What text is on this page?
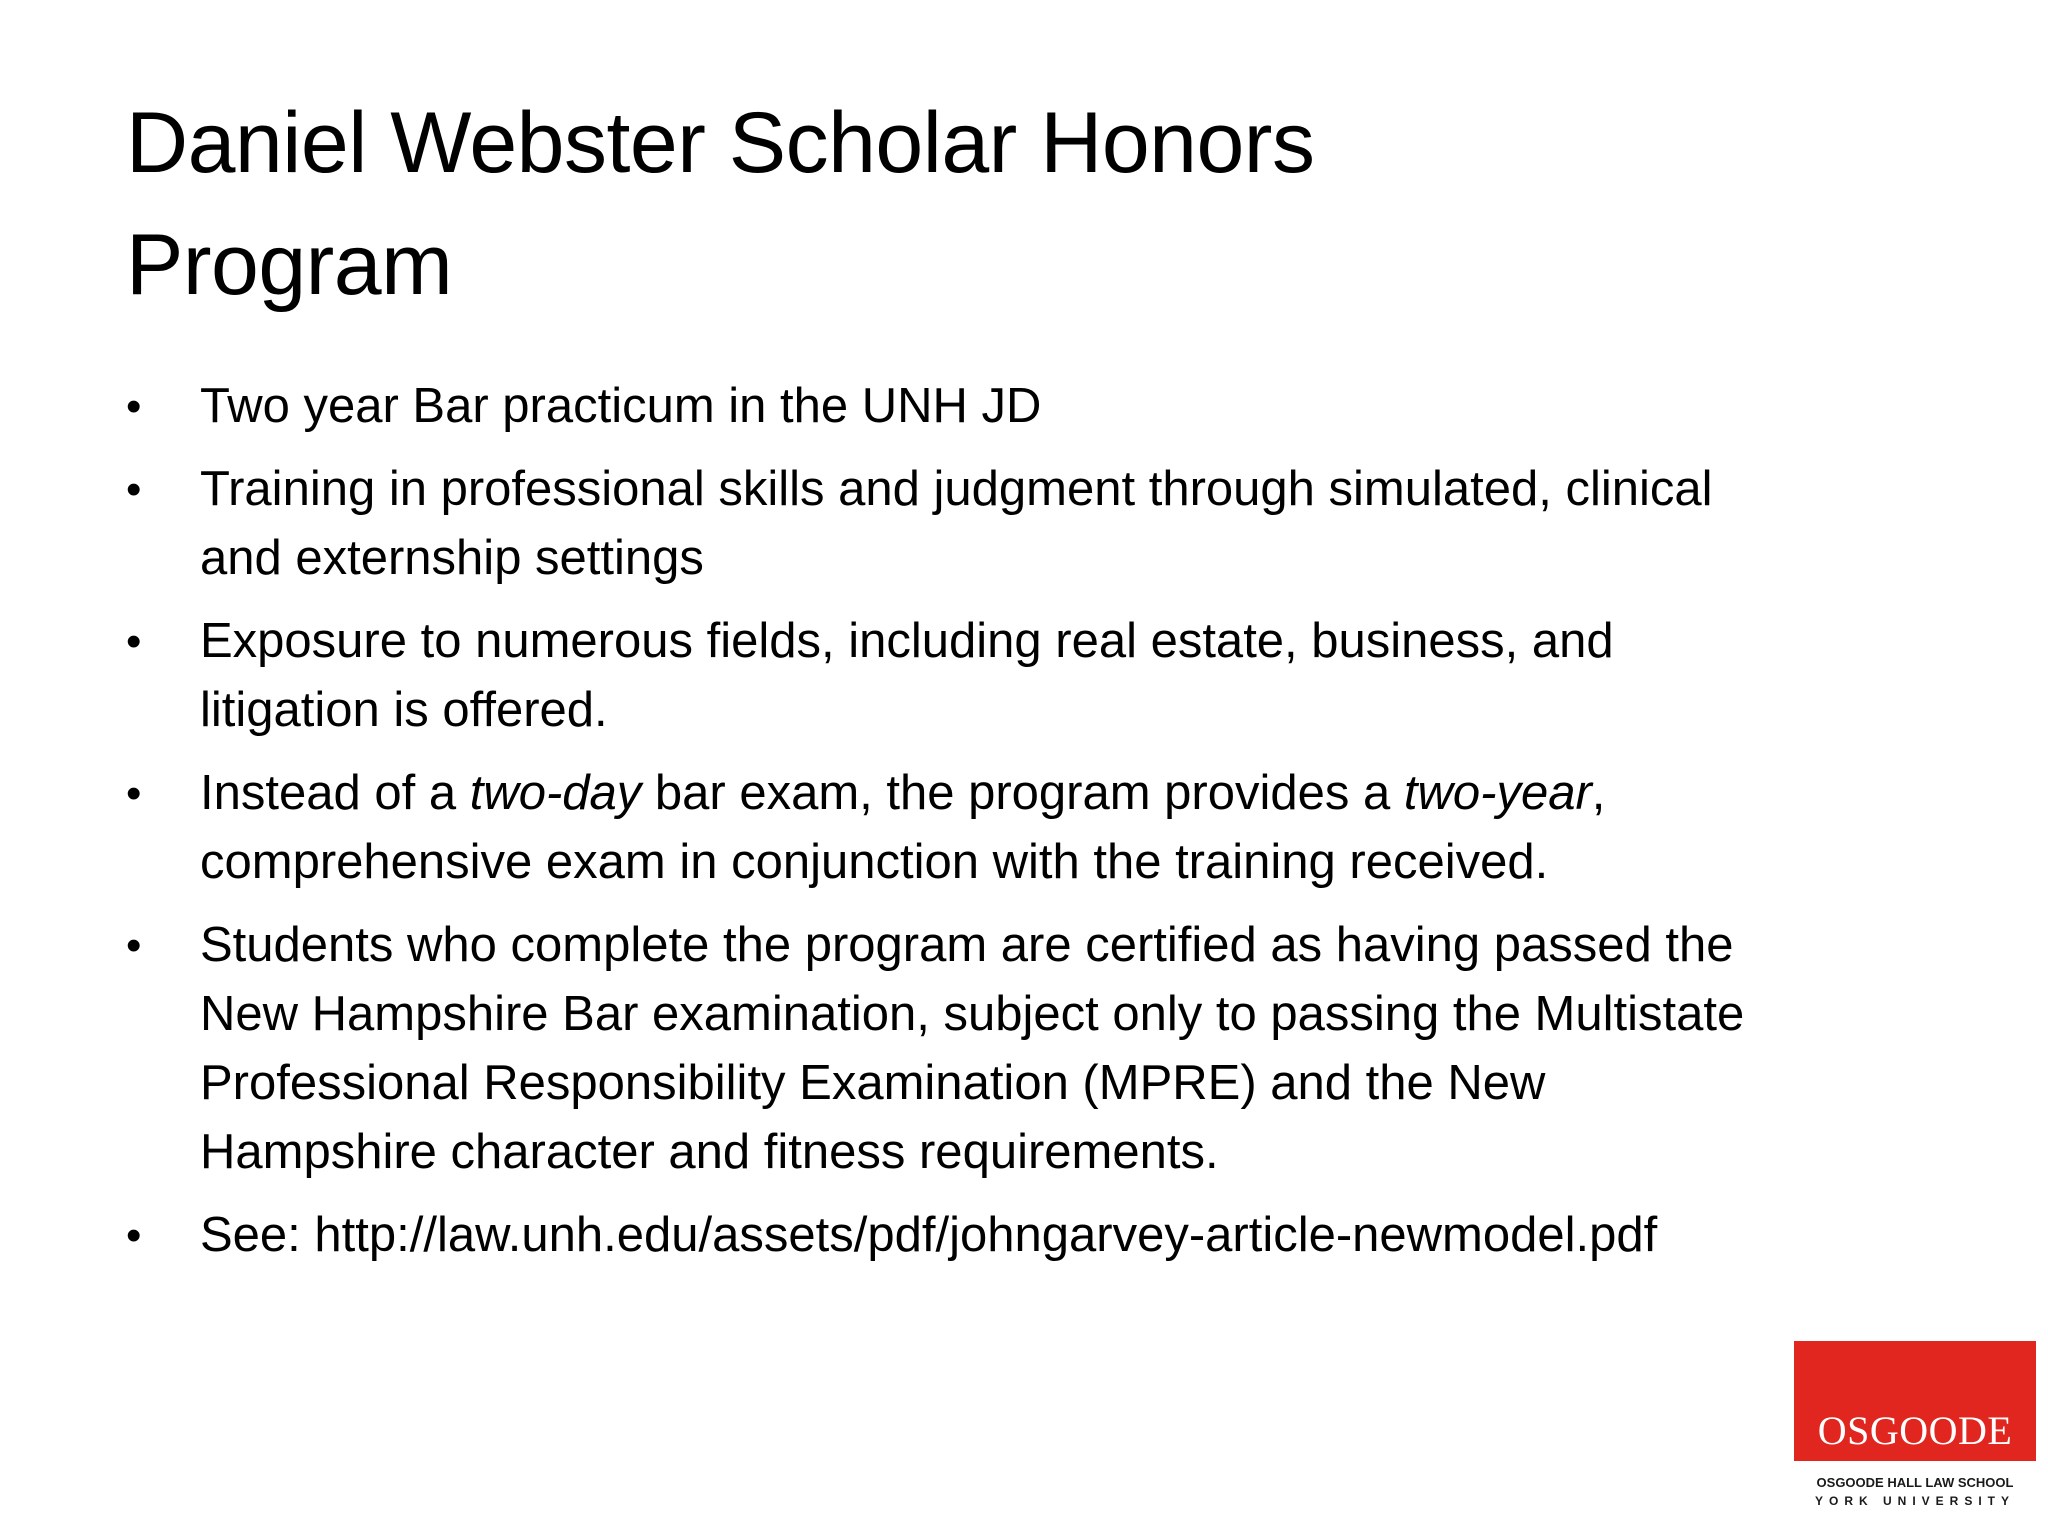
Daniel Webster Scholar Honors Program
•	Two year Bar practicum in the UNH JD
•	Training in professional skills and judgment through simulated, clinical and externship settings
•	Exposure to numerous fields, including real estate, business, and litigation is offered.
•	Instead of a two-day bar exam, the program provides a two-year, comprehensive exam in conjunction with the training received.
•	Students who complete the program are certified as having passed the New Hampshire Bar examination, subject only to passing the Multistate Professional Responsibility Examination (MPRE) and the New Hampshire character and fitness requirements.
•	See: http://law.unh.edu/assets/pdf/johngarvey-article-newmodel.pdf
OSGOODE
OSGOODE HALL LAW SCHOOL
YORK UNIVERSITY
